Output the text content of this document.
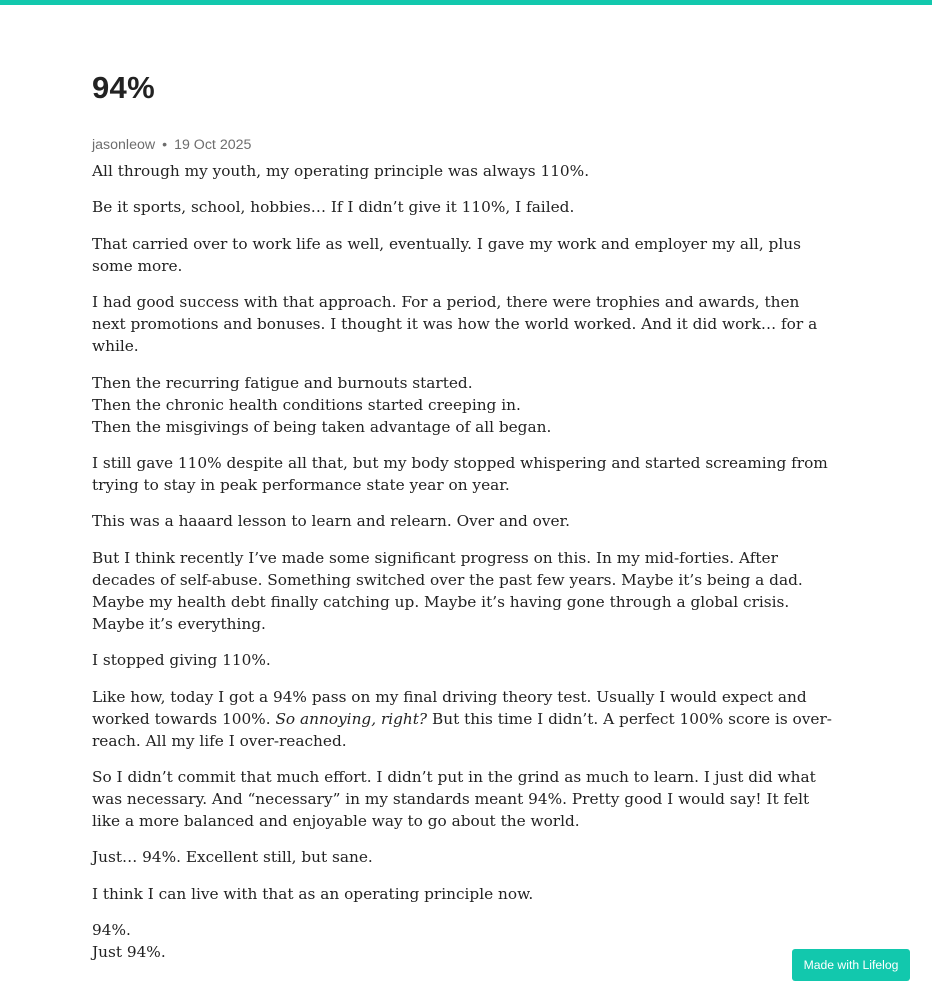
94%
jasonleow • 19 Oct 2025

All through my youth, my operating principle was always 110%.

Be it sports, school, hobbies… If I didn’t give it 110%, I failed.

That carried over to work life as well, eventually. I gave my work and employer my all, plus some more.

I had good success with that approach. For a period, there were trophies and awards, then next promotions and bonuses. I thought it was how the world worked. And it did work… for a while.

Then the recurring fatigue and burnouts started.
Then the chronic health conditions started creeping in.
Then the misgivings of being taken advantage of all began.

I still gave 110% despite all that, but my body stopped whispering and started screaming from trying to stay in peak performance state year on year.

This was a haaard lesson to learn and relearn. Over and over.

But I think recently I’ve made some significant progress on this. In my mid-forties. After decades of self-abuse. Something switched over the past few years. Maybe it’s being a dad. Maybe my health debt finally catching up. Maybe it’s having gone through a global crisis. Maybe it’s everything.

I stopped giving 110%.

Like how, today I got a 94% pass on my final driving theory test. Usually I would expect and worked towards 100%. So annoying, right? But this time I didn’t. A perfect 100% score is over-reach. All my life I over-reached.

So I didn’t commit that much effort. I didn’t put in the grind as much to learn. I just did what was necessary. And “necessary” in my standards meant 94%. Pretty good I would say! It felt like a more balanced and enjoyable way to go about the world.

Just… 94%. Excellent still, but sane.

I think I can live with that as an operating principle now.

94%.
Just 94%.

Made with Lifelog
